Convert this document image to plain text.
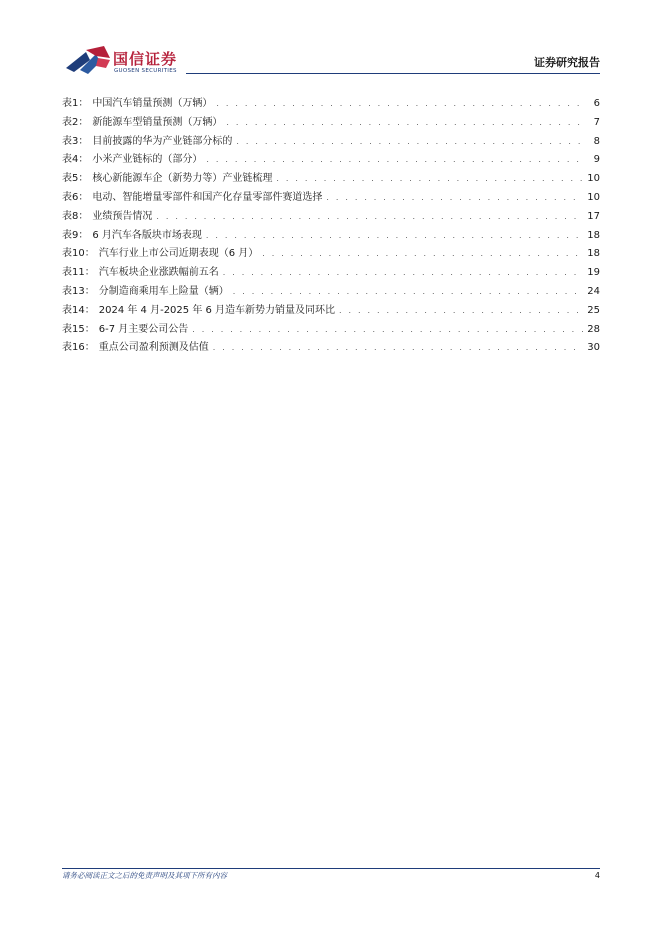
国信证券
GUOSEN SECURITIES
证券研究报告
表1： 中国汽车销量预测（万辆） . . .	6
表2： 新能源车型销量预测（万辆） . . .	7
表3： 目前披露的华为产业链部分标的 . . .	8
表4： 小米产业链标的（部分） . . .	9
表5： 核心新能源车企（新势力等）产业链梳理 . . .	10
表6： 电动、智能增量零部件和国产化存量零部件赛道选择 . . .	10
表8： 业绩预告情况 . . .	17
表9： 6 月汽车各版块市场表现 . . .	18
表10： 汽车行业上市公司近期表现（6 月） . . .	18
表11： 汽车板块企业涨跌幅前五名 . . .	19
表13： 分制造商乘用车上险量（辆） . . .	24
表14： 2024 年 4 月-2025 年 6 月造车新势力销量及同环比 . . .	25
表15： 6-7 月主要公司公告 . . .	28
表16： 重点公司盈利预测及估值 . . .	30
请务必阅读正文之后的免责声明及其项下所有内容	4
